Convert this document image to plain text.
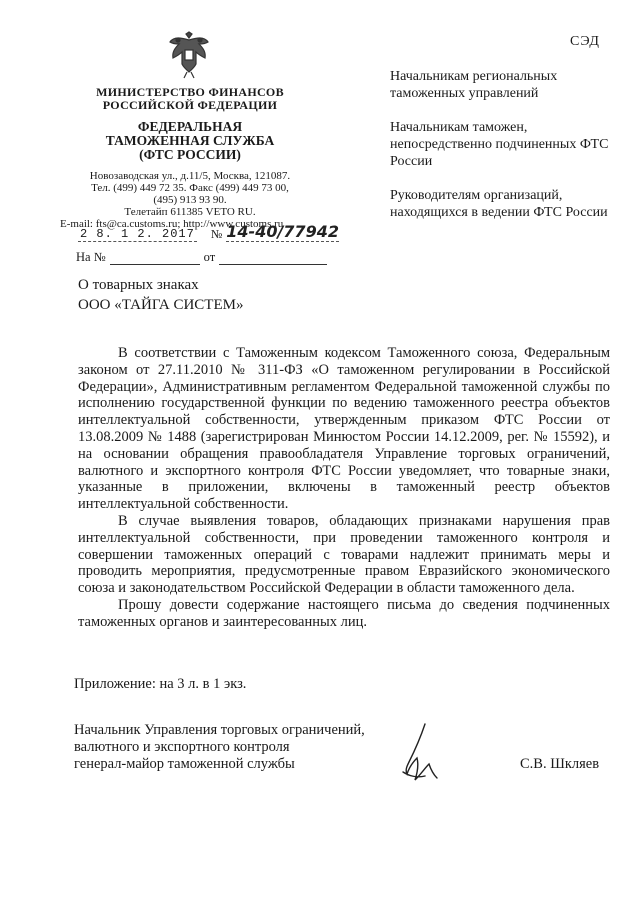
СЭД
МИНИСТЕРСТВО ФИНАНСОВ
РОССИЙСКОЙ ФЕДЕРАЦИИ
ФЕДЕРАЛЬНАЯ
ТАМОЖЕННАЯ СЛУЖБА
(ФТС РОССИИ)
Новозаводская ул., д.11/5, Москва, 121087.
Тел. (499) 449 72 35. Факс (499) 449 73 00,
(495) 913 93 90.
Телетайп 611385 VETO RU.
E-mail: fts@ca.customs.ru; http://www.customs.ru
2 8. 1 2. 2017 № 14-40/77942
На №	от
О товарных знаках
ООО «ТАЙГА СИСТЕМ»

Начальникам региональных таможенных управлений

Начальникам таможен, непосредственно подчиненных ФТС России

Руководителям организаций, находящихся в ведении ФТС России

В соответствии с Таможенным кодексом Таможенного союза, Федеральным законом от 27.11.2010 № 311-ФЗ «О таможенном регулировании в Российской Федерации», Административным регламентом Федеральной таможенной службы по исполнению государственной функции по ведению таможенного реестра объектов интеллектуальной собственности, утвержденным приказом ФТС России от 13.08.2009 № 1488 (зарегистрирован Минюстом России 14.12.2009, рег. № 15592), и на основании обращения правообладателя Управление торговых ограничений, валютного и экспортного контроля ФТС России уведомляет, что товарные знаки, указанные в приложении, включены в таможенный реестр объектов интеллектуальной собственности.

В случае выявления товаров, обладающих признаками нарушения прав интеллектуальной собственности, при проведении таможенного контроля и совершении таможенных операций с товарами надлежит принимать меры и проводить мероприятия, предусмотренные правом Евразийского экономического союза и законодательством Российской Федерации в области таможенного дела.

Прошу довести содержание настоящего письма до сведения подчиненных таможенных органов и заинтересованных лиц.

Приложение: на 3 л. в 1 экз.
Начальник Управления торговых ограничений,
валютного и экспортного контроля
генерал-майор таможенной службы	С.В. Шкляев
